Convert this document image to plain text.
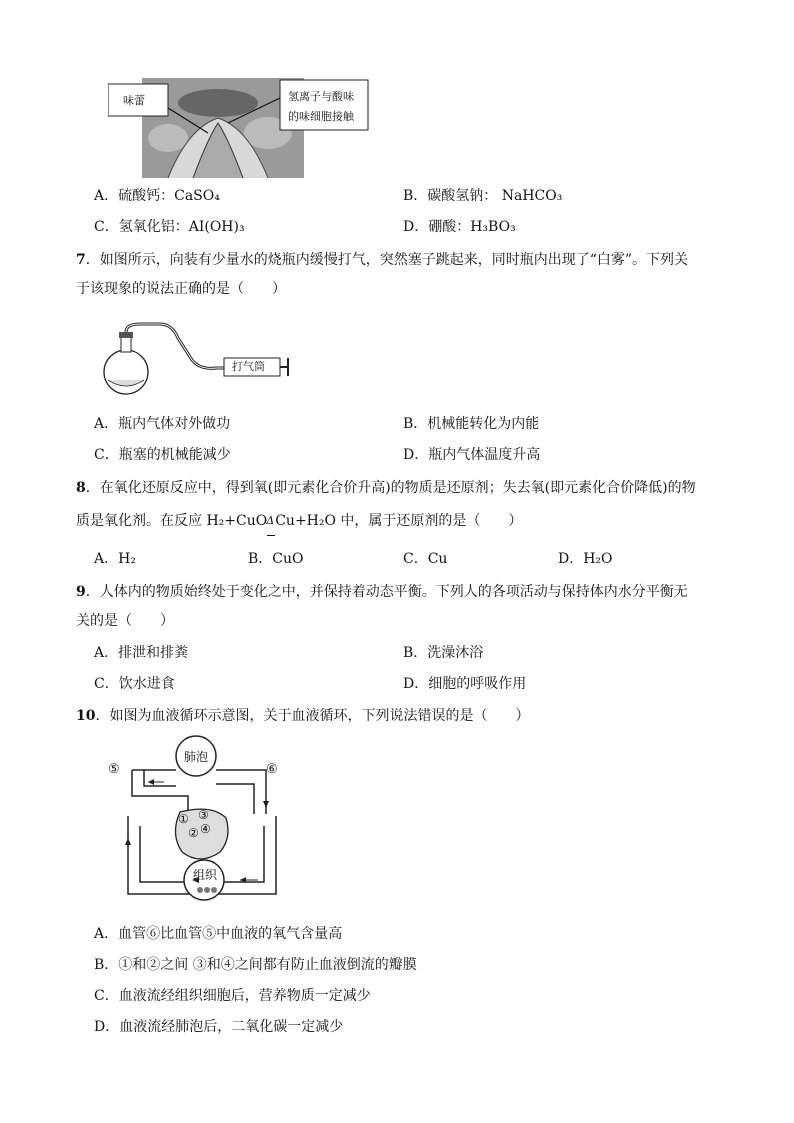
味蕾	氢离子与酸味
的味细胞接触
A．硫酸钙：CaSO₄	B．碳酸氢钠： NaHCO₃
C．氢氧化铝：AI(OH)₃	D．硼酸：H₃BO₃
7．如图所示，向装有少量水的烧瓶内缓慢打气，突然塞子跳起来，同时瓶内出现了“白雾”。下列关
于该现象的说法正确的是（　　）
打气筒
A．瓶内气体对外做功	B．机械能转化为内能
C．瓶塞的机械能减少	D．瓶内气体温度升高
8．在氧化还原反应中，得到氧(即元素化合价升高)的物质是还原剂；失去氧(即元素化合价降低)的物
质是氧化剂。在反应 H₂+CuO Δ Cu+H₂O 中，属于还原剂的是（　　）
A．H₂	B．CuO	C．Cu	D．H₂O
9．人体内的物质始终处于变化之中，并保持着动态平衡。下列人的各项活动与保持体内水分平衡无
关的是（　　）
A．排泄和排粪	B．洗澡沐浴
C．饮水进食	D．细胞的呼吸作用
10．如图为血液循环示意图，关于血液循环，下列说法错误的是（　　）
肺泡
组织
⑤	⑥
①
②
③
④
A．血管⑥比血管⑤中血液的氧气含量高
B．①和②之间 ③和④之间都有防止血液倒流的瓣膜
C．血液流经组织细胞后，营养物质一定减少
D．血液流经肺泡后，二氧化碳一定减少
